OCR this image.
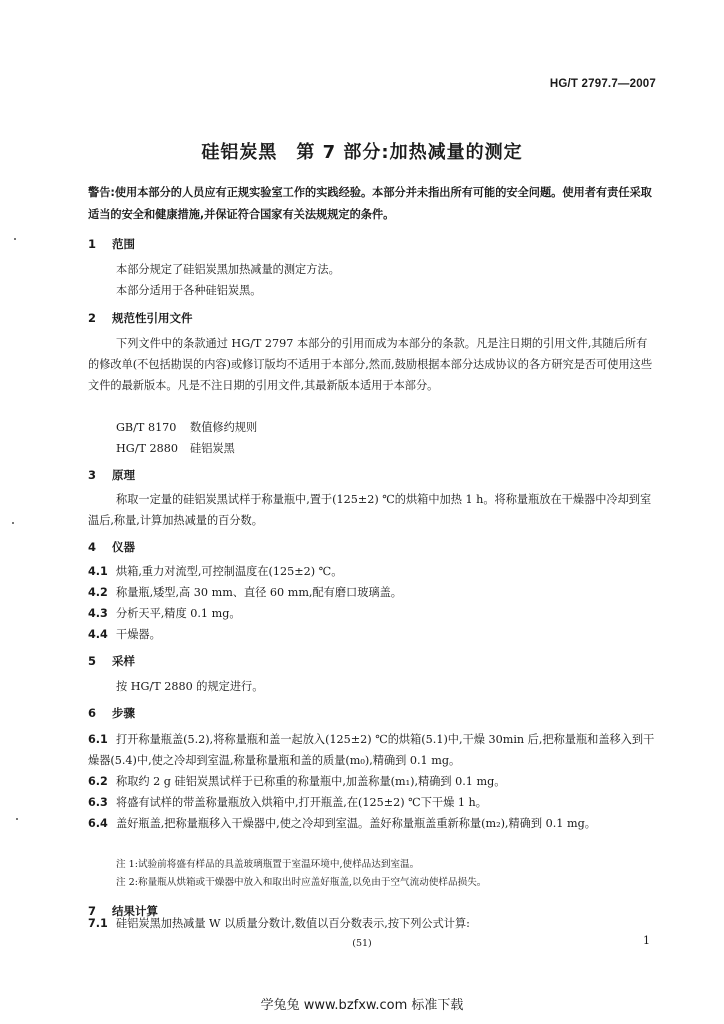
HG/T 2797.7—2007
硅铝炭黑　第 7 部分:加热减量的测定
警告:使用本部分的人员应有正规实验室工作的实践经验。本部分并未指出所有可能的安全问题。使用者有责任采取适当的安全和健康措施,并保证符合国家有关法规规定的条件。
1 范围
本部分规定了硅铝炭黑加热减量的测定方法。
本部分适用于各种硅铝炭黑。
2 规范性引用文件
下列文件中的条款通过 HG/T 2797 本部分的引用而成为本部分的条款。凡是注日期的引用文件,其随后所有的修改单(不包括勘误的内容)或修订版均不适用于本部分,然而,鼓励根据本部分达成协议的各方研究是否可使用这些文件的最新版本。凡是不注日期的引用文件,其最新版本适用于本部分。
GB/T 8170 数值修约规则
HG/T 2880 硅铝炭黑
3 原理
称取一定量的硅铝炭黑试样于称量瓶中,置于(125±2) ℃的烘箱中加热 1 h。将称量瓶放在干燥器中冷却到室温后,称量,计算加热减量的百分数。
4 仪器
4.1 烘箱,重力对流型,可控制温度在(125±2) ℃。
4.2 称量瓶,矮型,高 30 mm、直径 60 mm,配有磨口玻璃盖。
4.3 分析天平,精度 0.1 mg。
4.4 干燥器。
5 采样
按 HG/T 2880 的规定进行。
6 步骤
6.1 打开称量瓶盖(5.2),将称量瓶和盖一起放入(125±2) ℃的烘箱(5.1)中,干燥 30min 后,把称量瓶和盖移入到干燥器(5.4)中,使之冷却到室温,称量称量瓶和盖的质量(m₀),精确到 0.1 mg。
6.2 称取约 2 g 硅铝炭黑试样于已称重的称量瓶中,加盖称量(m₁),精确到 0.1 mg。
6.3 将盛有试样的带盖称量瓶放入烘箱中,打开瓶盖,在(125±2) ℃下干燥 1 h。
6.4 盖好瓶盖,把称量瓶移入干燥器中,使之冷却到室温。盖好称量瓶盖重新称量(m₂),精确到 0.1 mg。
注 1:试验前将盛有样品的具盖玻璃瓶置于室温环境中,使样品达到室温。
注 2:称量瓶从烘箱或干燥器中放入和取出时应盖好瓶盖,以免由于空气流动使样品损失。
7 结果计算
7.1 硅铝炭黑加热减量 W 以质量分数计,数值以百分数表示,按下列公式计算:
(51)	1
学兔兔 www.bzfxw.com 标准下载
